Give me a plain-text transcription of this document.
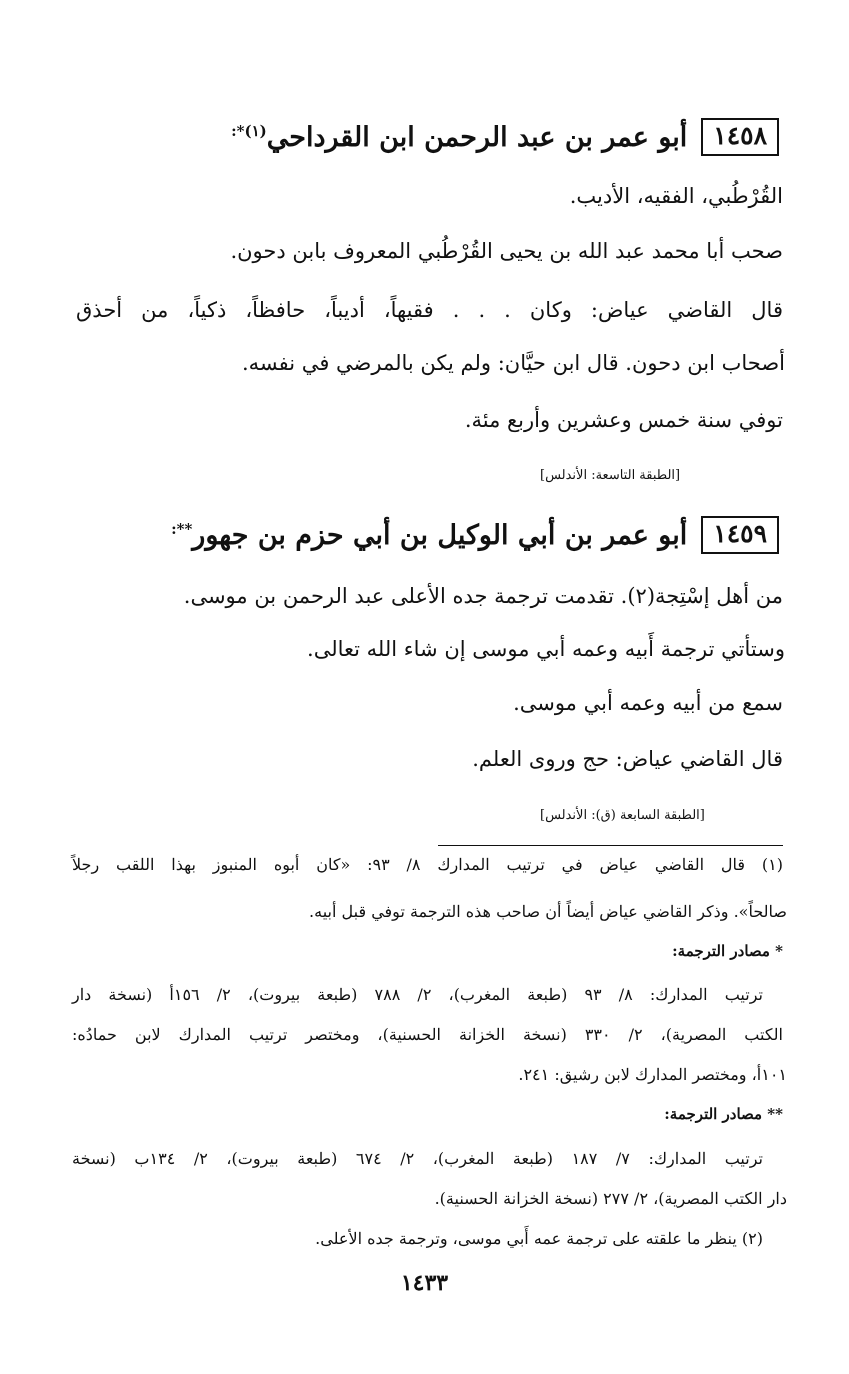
١٤٥٨
أبو عمر بن عبد الرحمن ابن القرداحي$^{(١)*:}$
القُرْطُبي، الفقيه، الأديب.
صحب أبا محمد عبد الله بن يحيى القُرْطُبي المعروف بابن دحون.
قال القاضي عياض: وكان . . . فقيهاً، أديباً، حافظاً، ذكياً، من أحذق
أصحاب ابن دحون. قال ابن حيَّان: ولم يكن بالمرضي في نفسه.
توفي سنة خمس وعشرين وأربع مئة.
[الطبقة التاسعة: الأندلس]
١٤٥٩
أبو عمر بن أبي الوكيل بن أبي حزم بن جهور**:
من أهل إسْتِجة(٢). تقدمت ترجمة جده الأعلى عبد الرحمن بن موسى.
وستأتي ترجمة أَبيه وعمه أبي موسى إن شاء الله تعالى.
سمع من أبيه وعمه أبي موسى.
قال القاضي عياض: حج وروى العلم.
[الطبقة السابعة (ق): الأندلس]
(١) قال القاضي عياض في ترتيب المدارك ٨/ ٩٣: «كان أبوه المنبوز بهذا اللقب رجلاً
صالحاً». وذكر القاضي عياض أيضاً أن صاحب هذه الترجمة توفي قبل أبيه.
* مصادر الترجمة:
ترتيب المدارك: ٨/ ٩٣ (طبعة المغرب)، ٢/ ٧٨٨ (طبعة بيروت)، ٢/ ١٥٦أ (نسخة دار
الكتب المصرية)، ٢/ ٣٣٠ (نسخة الخزانة الحسنية)، ومختصر ترتيب المدارك لابن حمادُه:
١٠١أ، ومختصر المدارك لابن رشيق: ٢٤١.
** مصادر الترجمة:
ترتيب المدارك: ٧/ ١٨٧ (طبعة المغرب)، ٢/ ٦٧٤ (طبعة بيروت)، ٢/ ١٣٤ب (نسخة
دار الكتب المصرية)، ٢/ ٢٧٧ (نسخة الخزانة الحسنية).
(٢) ينظر ما علقته على ترجمة عمه أَبي موسى، وترجمة جده الأعلى.
١٤٣٣
